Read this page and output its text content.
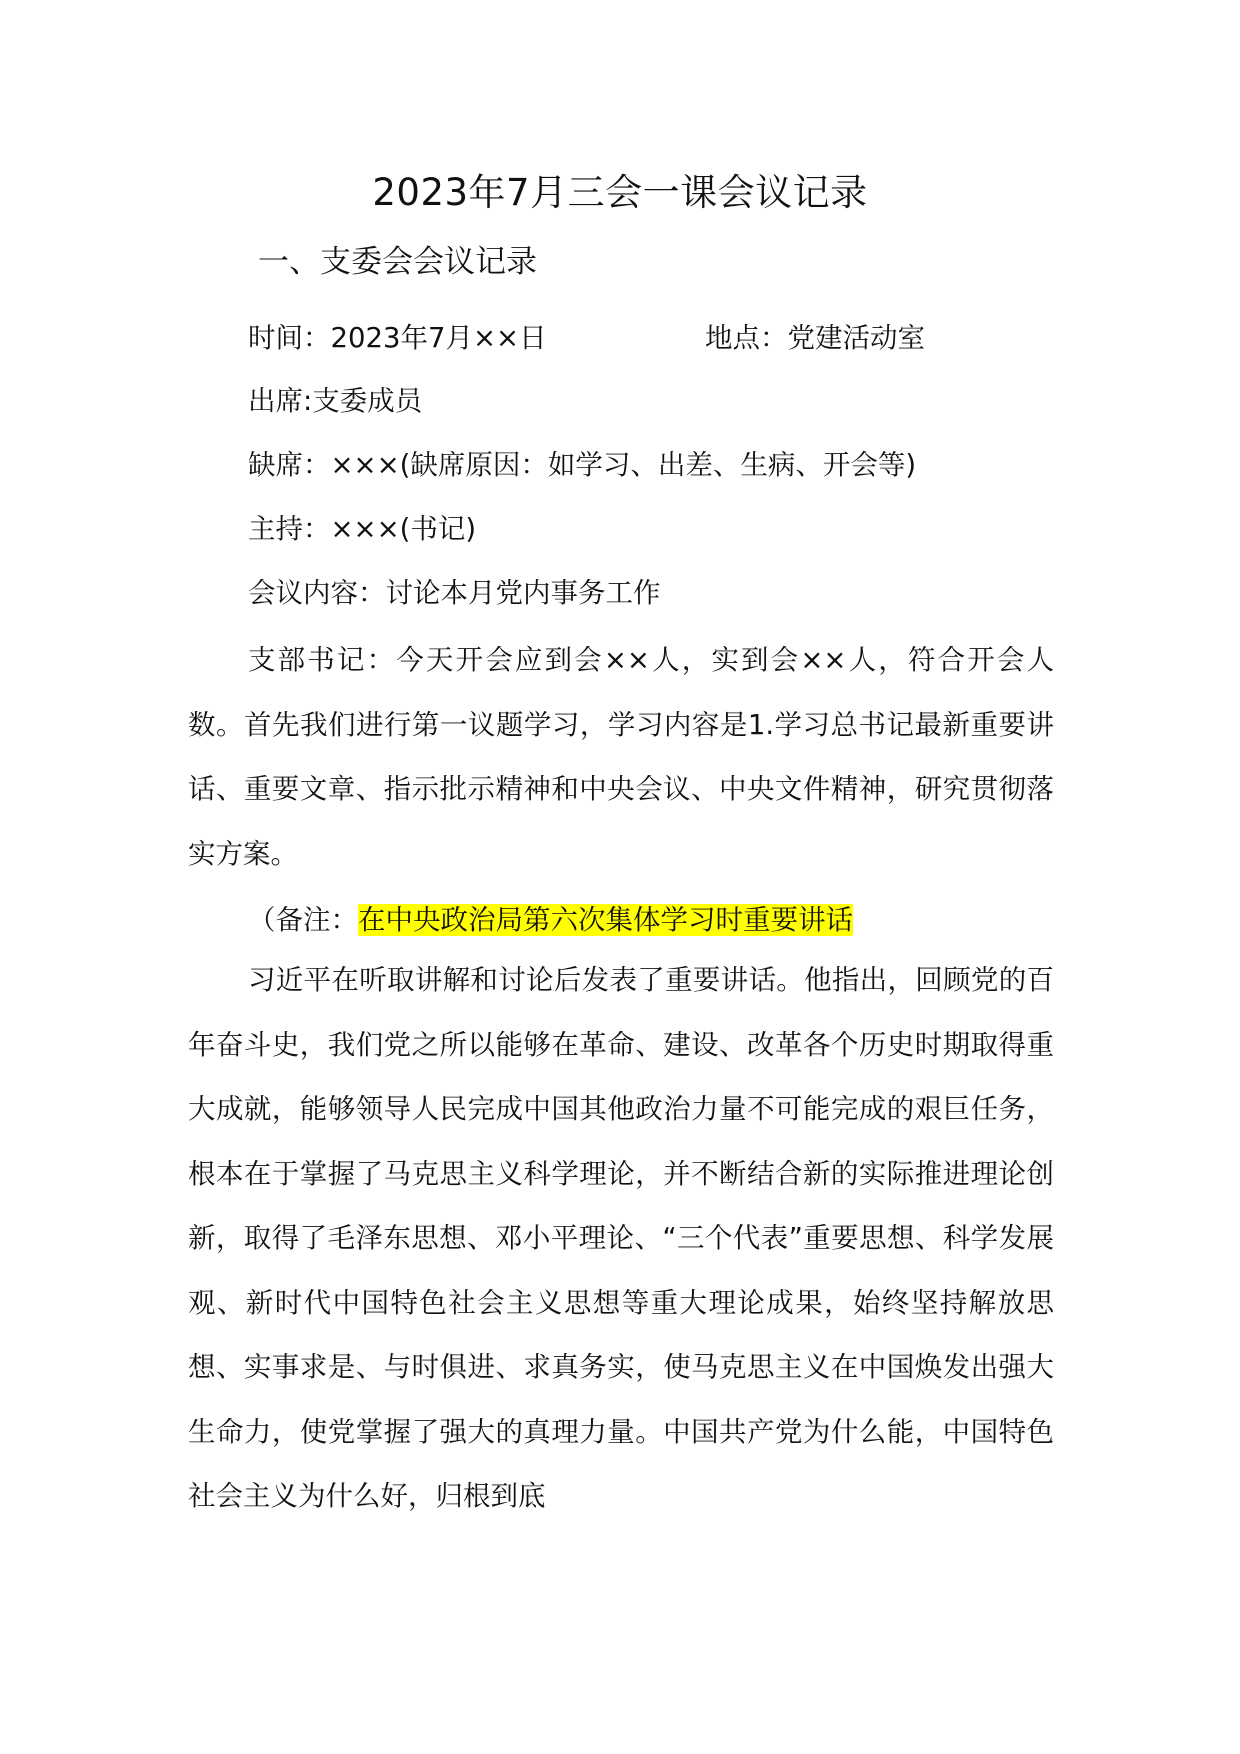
2023年7月三会一课会议记录
一、支委会会议记录
时间：2023年7月××日	地点：党建活动室
出席:支委成员
缺席：×××(缺席原因：如学习、出差、生病、开会等)
主持：×××(书记)
会议内容：讨论本月党内事务工作

支部书记：今天开会应到会××人，实到会××人，符合开会人数。首先我们进行第一议题学习，学习内容是1.学习总书记最新重要讲话、重要文章、指示批示精神和中央会议、中央文件精神，研究贯彻落实方案。

（备注：在中央政治局第六次集体学习时重要讲话

习近平在听取讲解和讨论后发表了重要讲话。他指出，回顾党的百年奋斗史，我们党之所以能够在革命、建设、改革各个历史时期取得重大成就，能够领导人民完成中国其他政治力量不可能完成的艰巨任务，根本在于掌握了马克思主义科学理论，并不断结合新的实际推进理论创新，取得了毛泽东思想、邓小平理论、“三个代表”重要思想、科学发展观、新时代中国特色社会主义思想等重大理论成果，始终坚持解放思想、实事求是、与时俱进、求真务实，使马克思主义在中国焕发出强大生命力，使党掌握了强大的真理力量。中国共产党为什么能，中国特色社会主义为什么好，归根到底
